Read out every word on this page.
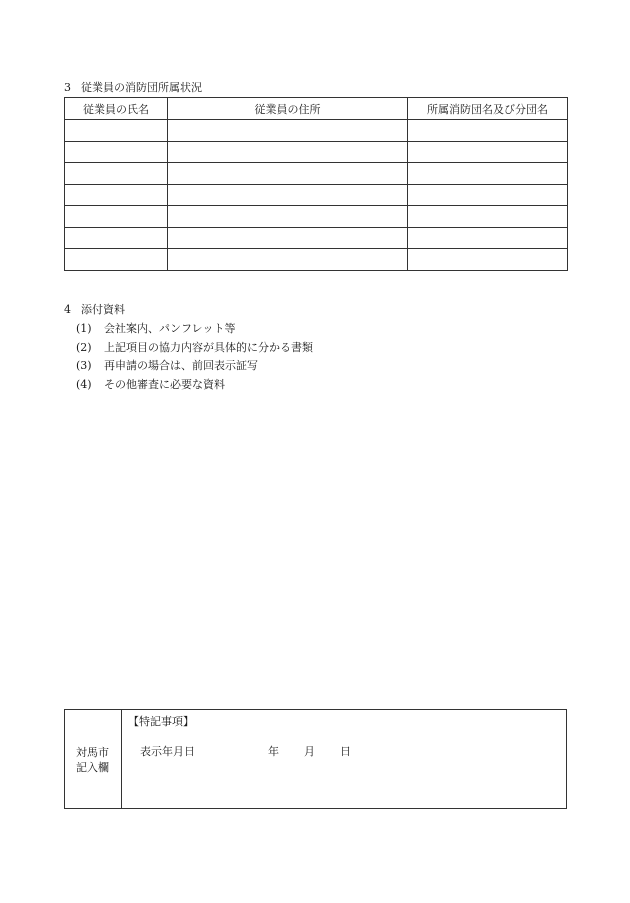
3 従業員の消防団所属状況
従業員の氏名	従業員の住所	所属消防団名及び分団名

4 添付資料
(1) 会社案内、パンフレット等
(2) 上記項目の協力内容が具体的に分かる書類
(3) 再申請の場合は、前回表示証写
(4) その他審査に必要な資料
対馬市
記入欄
【特記事項】
表示年月日	年 月 日
